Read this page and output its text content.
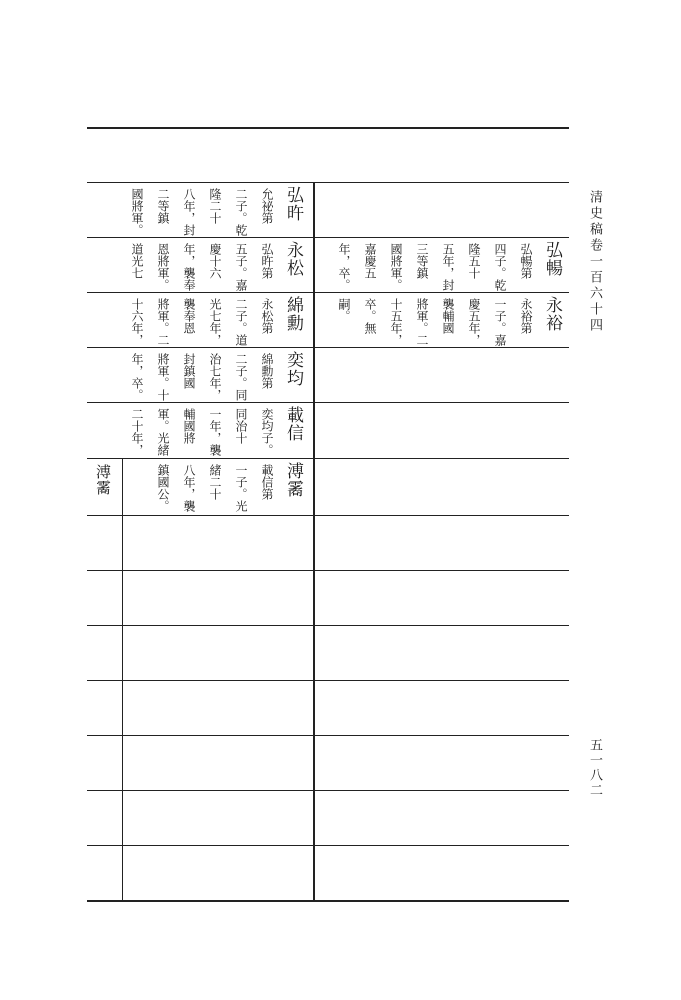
清史稿卷一百六十四
五一八二
弘旿
允祕第
二子。乾
隆二十
八年，封
二等鎮
國將軍。
永松
弘旿第
五子。嘉
慶十六
年，襲奉
恩將軍。
道光七	弘暢
弘暢第
四子。乾
隆五十
五年，封
三等鎮
國將軍。
嘉慶五
年，卒。
綿勳
永松第
二子。道
光七年，
襲奉恩
將軍。二
十六年，	永裕
永裕第
一子。嘉
慶五年，
襲輔國
將軍。二
十五年，
卒。無
嗣。
奕均
綿勳第
二子。同
治七年，
封鎮國
將軍。十
年，卒。
載信
奕均子。
同治十
一年，襲
輔國將
軍。光緒
二十年，
溥霱
載信第
一子。光
緒二十
八年，襲
鎮國公。
溥霱
